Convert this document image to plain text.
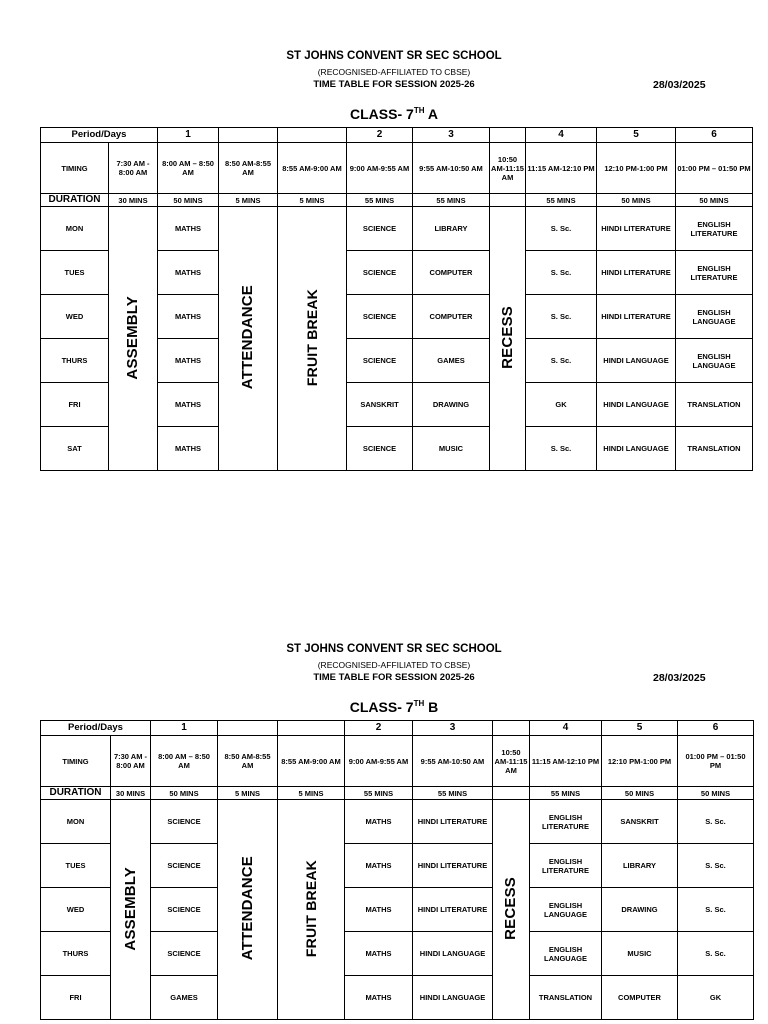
ST JOHNS CONVENT SR SEC SCHOOL
(RECOGNISED-AFFILIATED TO CBSE)
TIME TABLE FOR SESSION 2025-26	28/03/2025
CLASS- 7TH A
Period/Days		1			2	3		4	5	6
TIMING	7:30 AM - 8:00 AM	8:00 AM – 8:50 AM	8:50 AM-8:55 AM	8:55 AM-9:00 AM	9:00 AM-9:55 AM	9:55 AM-10:50 AM	10:50 AM-11:15 AM	11:15 AM-12:10 PM	12:10 PM-1:00 PM	01:00 PM – 01:50 PM
DURATION	30 MINS	50 MINS	5 MINS	5 MINS	55 MINS	55 MINS		55 MINS	50 MINS	50 MINS
MON	ASSEMBLY	MATHS	ATTENDANCE	FRUIT BREAK	SCIENCE	LIBRARY	RECESS	S. Sc.	HINDI LITERATURE	ENGLISH LITERATURE
TUES		MATHS			SCIENCE	COMPUTER		S. Sc.	HINDI LITERATURE	ENGLISH LITERATURE
WED		MATHS			SCIENCE	COMPUTER		S. Sc.	HINDI LITERATURE	ENGLISH LANGUAGE
THURS		MATHS			SCIENCE	GAMES		S. Sc.	HINDI LANGUAGE	ENGLISH LANGUAGE
FRI		MATHS			SANSKRIT	DRAWING		GK	HINDI LANGUAGE	TRANSLATION
SAT		MATHS			SCIENCE	MUSIC		S. Sc.	HINDI LANGUAGE	TRANSLATION
ST JOHNS CONVENT SR SEC SCHOOL
(RECOGNISED-AFFILIATED TO CBSE)
TIME TABLE FOR SESSION 2025-26	28/03/2025
CLASS- 7TH B
Period/Days		1			2	3		4	5	6
TIMING	7:30 AM - 8:00 AM	8:00 AM – 8:50 AM	8:50 AM-8:55 AM	8:55 AM-9:00 AM	9:00 AM-9:55 AM	9:55 AM-10:50 AM	10:50 AM-11:15 AM	11:15 AM-12:10 PM	12:10 PM-1:00 PM	01:00 PM – 01:50 PM
DURATION	30 MINS	50 MINS	5 MINS	5 MINS	55 MINS	55 MINS		55 MINS	50 MINS	50 MINS
MON	ASSEMBLY	SCIENCE	ATTENDANCE	FRUIT BREAK	MATHS	HINDI LITERATURE	RECESS	ENGLISH LITERATURE	SANSKRIT	S. Sc.
TUES		SCIENCE			MATHS	HINDI LITERATURE		ENGLISH LITERATURE	LIBRARY	S. Sc.
WED		SCIENCE			MATHS	HINDI LITERATURE		ENGLISH LANGUAGE	DRAWING	S. Sc.
THURS		SCIENCE			MATHS	HINDI LANGUAGE		ENGLISH LANGUAGE	MUSIC	S. Sc.
FRI		GAMES			MATHS	HINDI LANGUAGE		TRANSLATION	COMPUTER	GK
